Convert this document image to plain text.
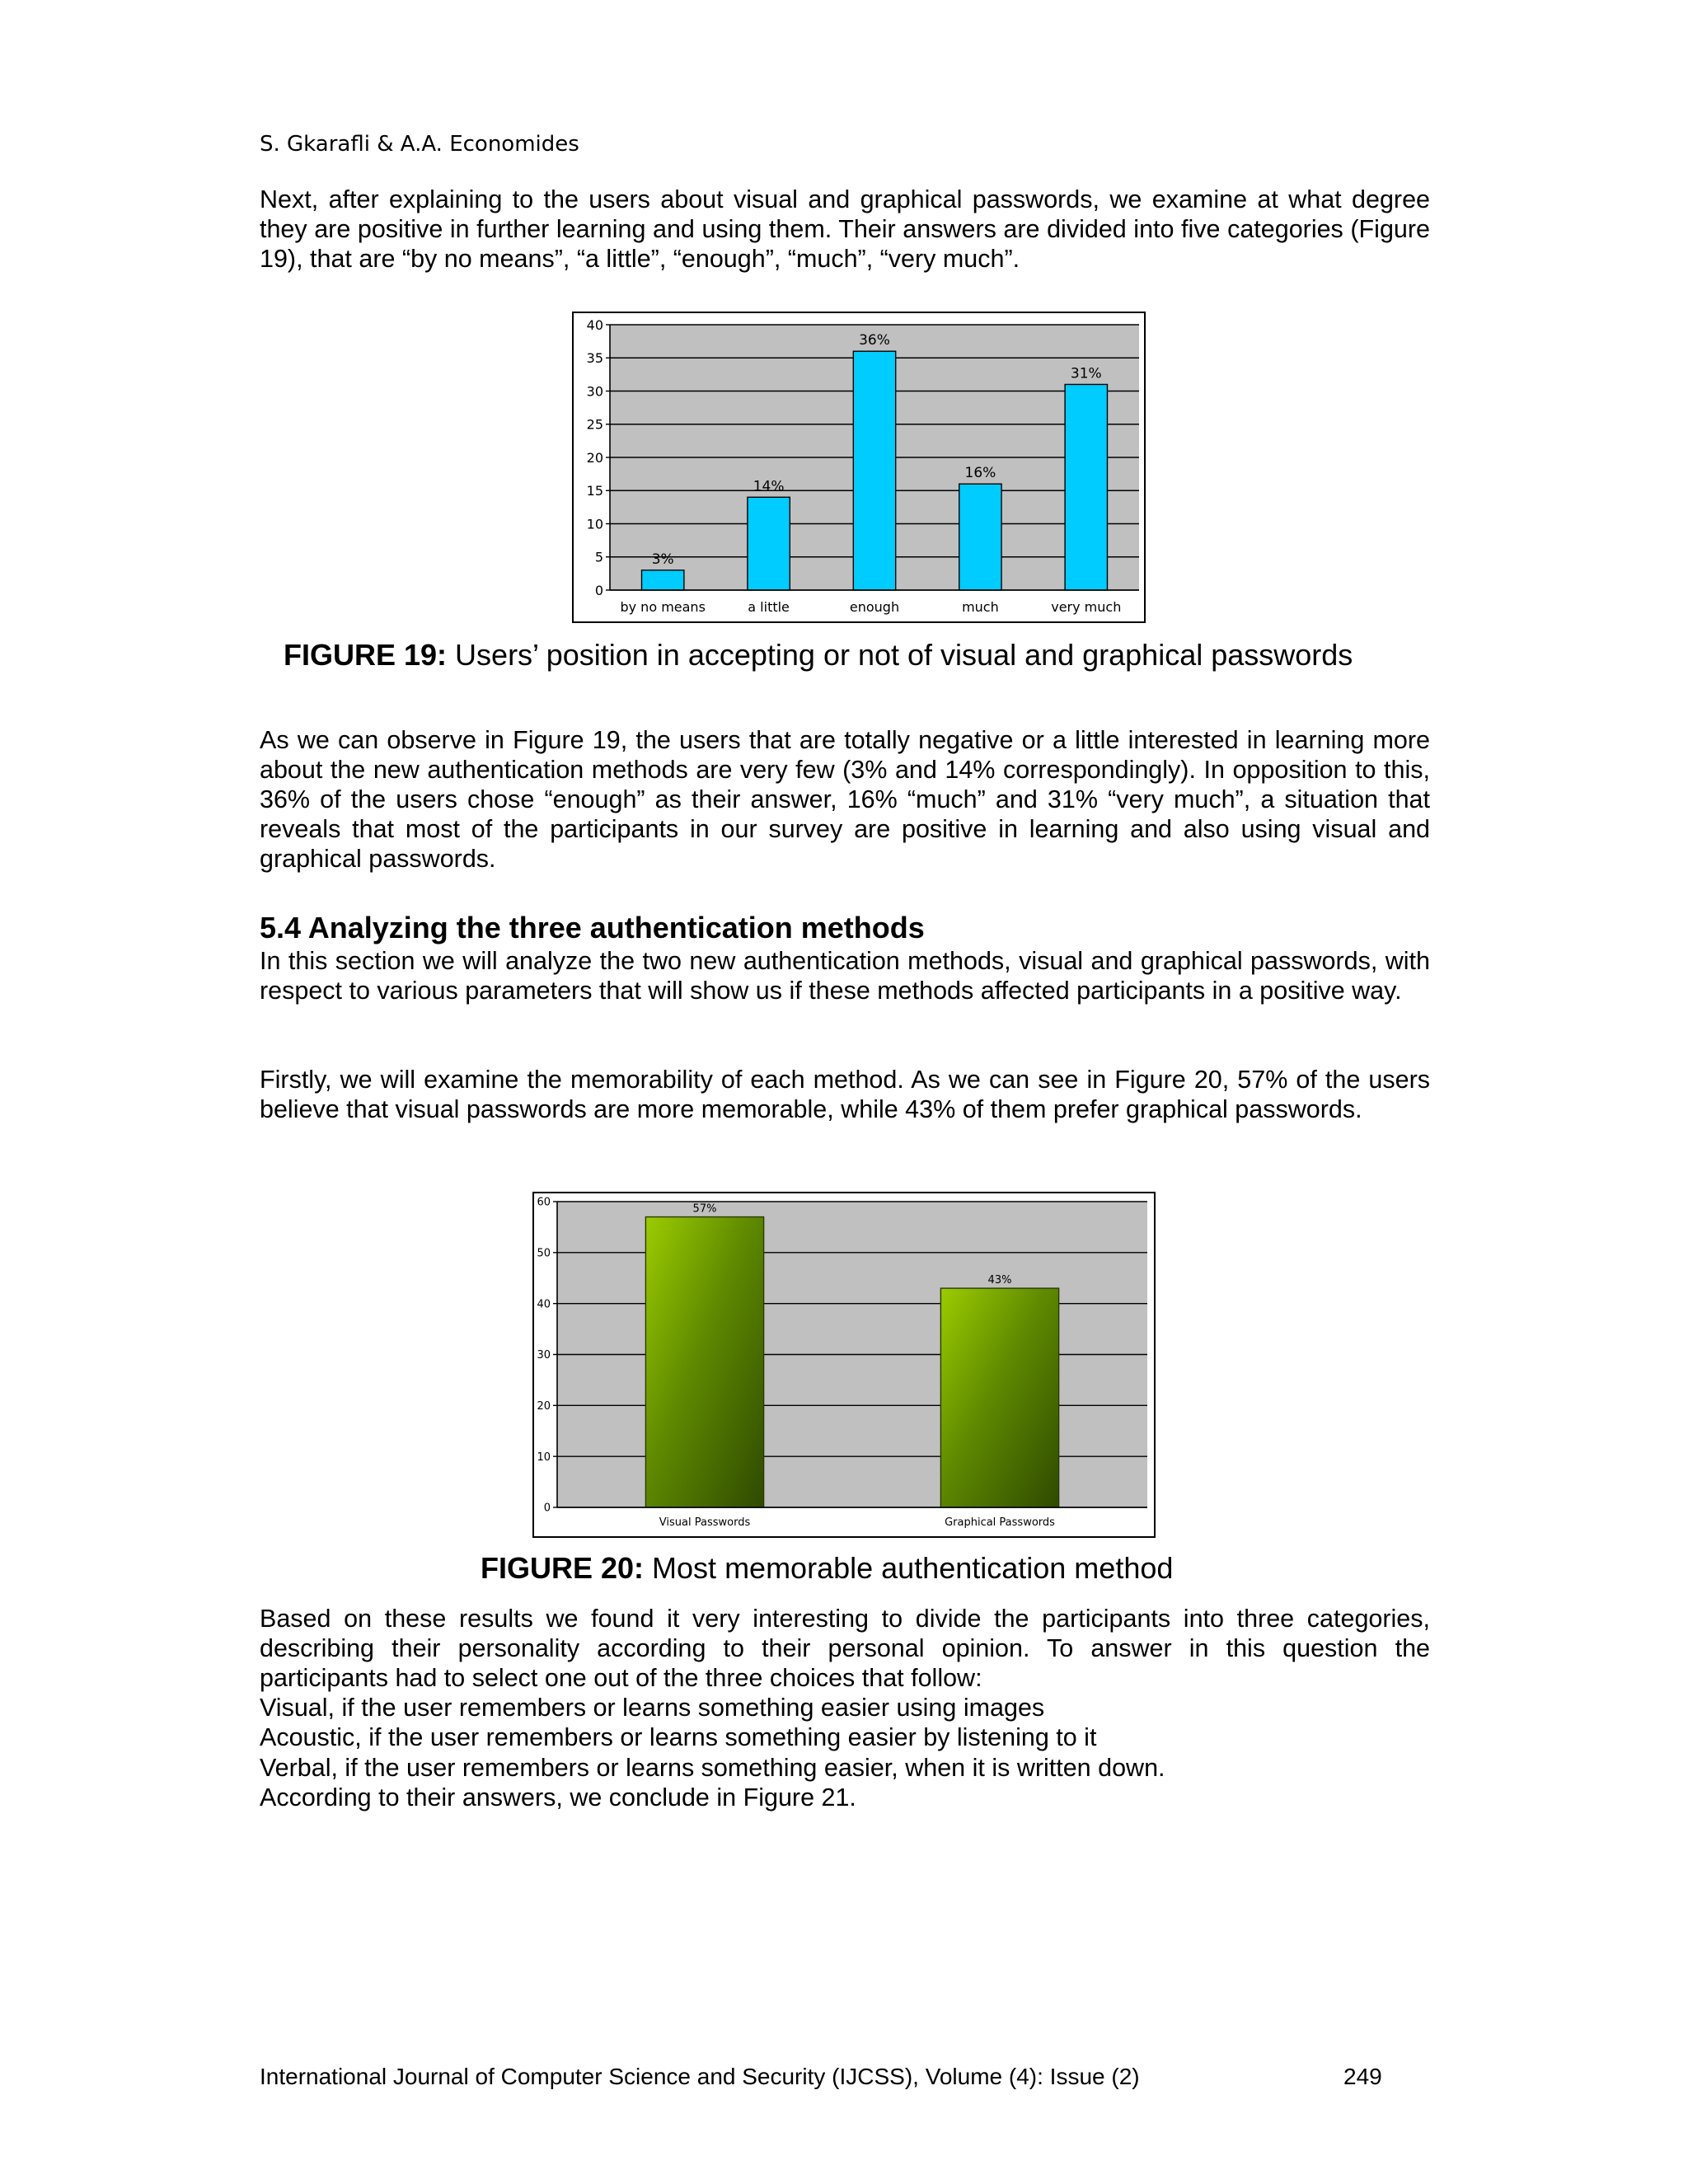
S. Gkarafli & A.A. Economides

Next, after explaining to the users about visual and graphical passwords, we examine at what degree they are positive in further learning and using them. Their answers are divided into five categories (Figure 19), that are “by no means”, “a little”, “enough”, “much”, “very much”.

0
5
10
15
20
25
30
35
40
3%
by no means
14%
a little
36%
enough
16%
much
31%
very much
FIGURE 19: Users’ position in accepting or not of visual and graphical passwords

As we can observe in Figure 19, the users that are totally negative or a little interested in learning more about the new authentication methods are very few (3% and 14% correspondingly). In opposition to this, 36% of the users chose “enough” as their answer, 16% “much” and 31% “very much”, a situation that reveals that most of the participants in our survey are positive in learning and also using visual and graphical passwords.

5.4 Analyzing the three authentication methods

In this section we will analyze the two new authentication methods, visual and graphical passwords, with respect to various parameters that will show us if these methods affected participants in a positive way.

Firstly, we will examine the memorability of each method. As we can see in Figure 20, 57% of the users believe that visual passwords are more memorable, while 43% of them prefer graphical passwords.

0
10
20
30
40
50
60
57%
Visual Passwords
43%
Graphical Passwords
FIGURE 20: Most memorable authentication method

Based on these results we found it very interesting to divide the participants into three categories, describing their personality according to their personal opinion. To answer in this question the participants had to select one out of the three choices that follow:

Visual, if the user remembers or learns something easier using images
Acoustic, if the user remembers or learns something easier by listening to it
Verbal, if the user remembers or learns something easier, when it is written down.
According to their answers, we conclude in Figure 21.
International Journal of Computer Science and Security (IJCSS), Volume (4): Issue (2)	249
